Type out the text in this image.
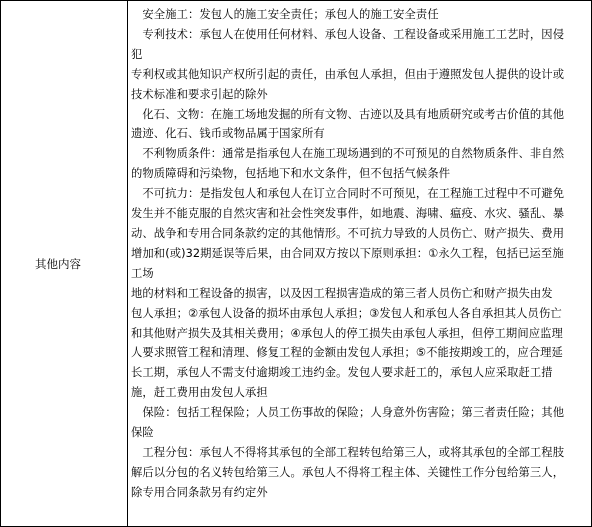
其他内容

　安全施工：发包人的施工安全责任；承包人的施工安全责任

　专利技术：承包人在使用任何材料、承包人设备、工程设备或采用施工工艺时，因侵

犯

专利权或其他知识产权所引起的责任，由承包人承担，但由于遵照发包人提供的设计或

技术标准和要求引起的除外

　化石、文物：在施工场地发掘的所有文物、古迹以及具有地质研究或考古价值的其他

遗迹、化石、钱币或物品属于国家所有

　不利物质条件：通常是指承包人在施工现场遇到的不可预见的自然物质条件、非自然

的物质障碍和污染物，包括地下和水文条件，但不包括气候条件

　不可抗力：是指发包人和承包人在订立合同时不可预见，在工程施工过程中不可避免

发生并不能克服的自然灾害和社会性突发事件，如地震、海啸、瘟疫、水灾、骚乱、暴

动、战争和专用合同条款约定的其他情形。不可抗力导致的人员伤亡、财产损失、费用

增加和(或)32期延误等后果，由合同双方按以下原则承担：①永久工程，包括已运至施

工场

地的材料和工程设备的损害，以及因工程损害造成的第三者人员伤亡和财产损失由发

包人承担；②承包人设备的损坏由承包人承担；③发包人和承包人各自承担其人员伤亡

和其他财产损失及其相关费用；④承包人的停工损失由承包人承担，但停工期间应监理

人要求照管工程和清理、修复工程的金额由发包人承担；⑤不能按期竣工的，应合理延

长工期，承包人不需支付逾期竣工违约金。发包人要求赶工的，承包人应采取赶工措

施，赶工费用由发包人承担

　保险：包括工程保险；人员工伤事故的保险；人身意外伤害险；第三者责任险；其他

保险

　工程分包：承包人不得将其承包的全部工程转包给第三人，或将其承包的全部工程肢

解后以分包的名义转包给第三人。承包人不得将工程主体、关键性工作分包给第三人，

除专用合同条款另有约定外
